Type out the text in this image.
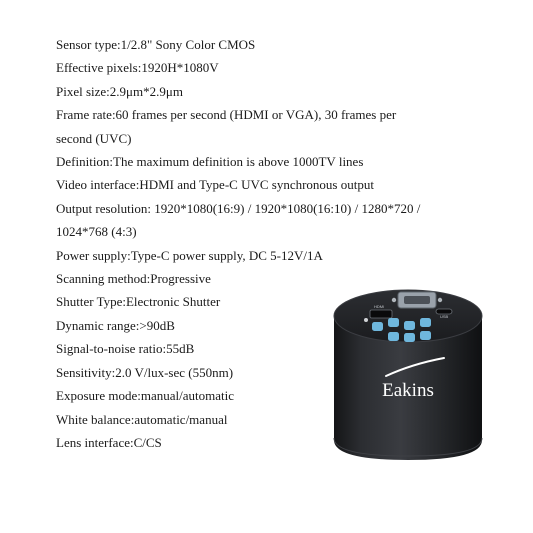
Sensor type:1/2.8" Sony Color CMOS
Effective pixels:1920H*1080V
Pixel size:2.9μm*2.9μm
Frame rate:60 frames per second (HDMI or VGA), 30 frames per
second (UVC)
Definition:The maximum definition is above 1000TV lines
Video interface:HDMI and Type-C UVC synchronous output
Output resolution: 1920*1080(16:9) / 1920*1080(16:10) / 1280*720 /
1024*768 (4:3)
Power supply:Type-C power supply, DC 5-12V/1A
Scanning method:Progressive
Shutter Type:Electronic Shutter
Dynamic range:>90dB
Signal-to-noise ratio:55dB
Sensitivity:2.0 V/lux-sec (550nm)
Exposure mode:manual/automatic
White balance:automatic/manual
Lens interface:C/CS
HDMI
USB
Eakins
